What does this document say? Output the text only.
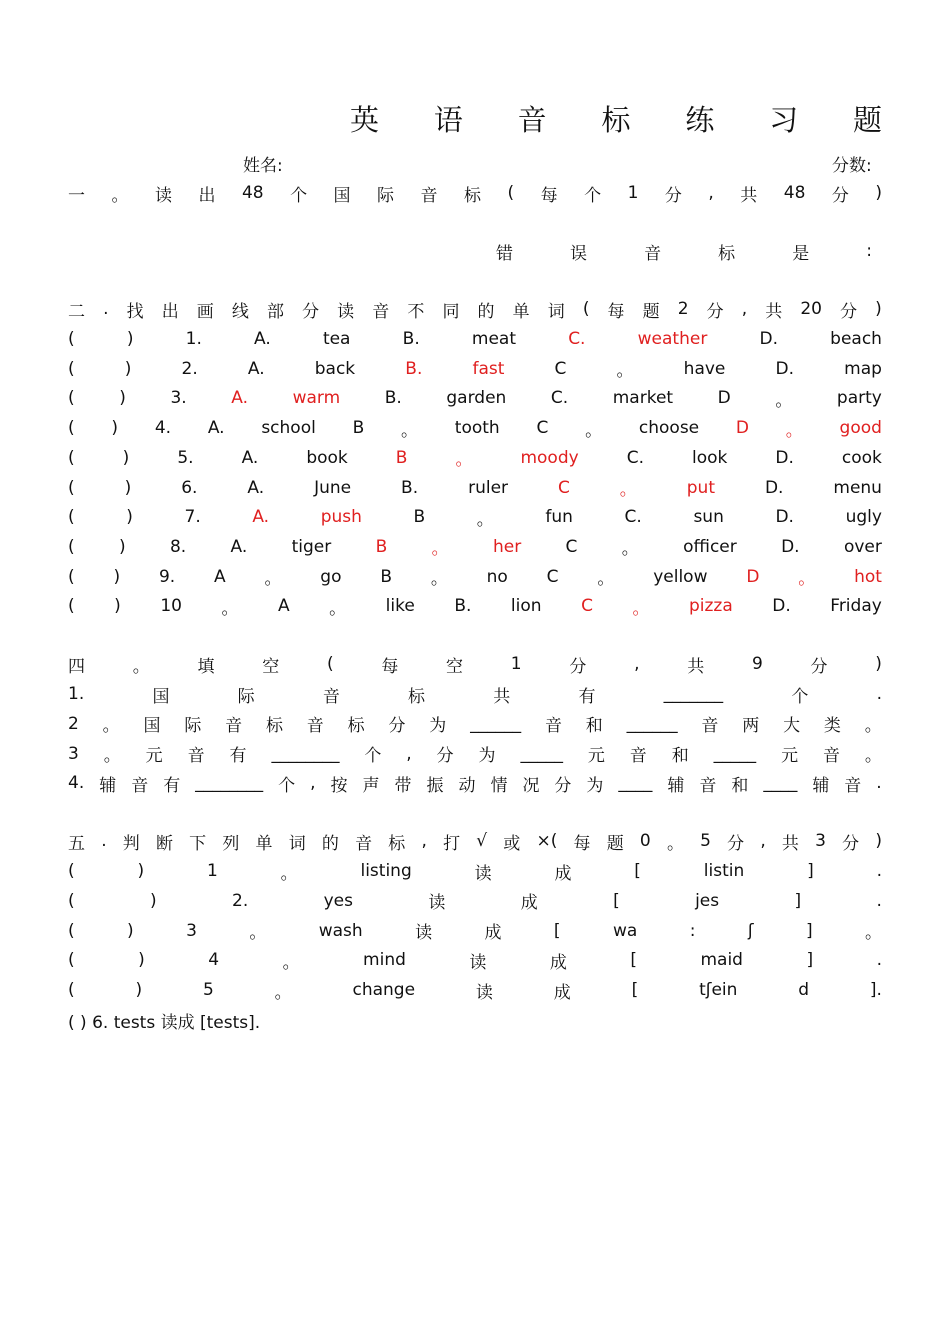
英 语 音 标 练 习 题
姓名:	分数:
一 。 读 出 48 个 国 际 音 标 ( 每 个 1 分 , 共 48 分 )
错	误	音	标	是	:
二 . 找 出 画 线 部 分 读 音 不 同 的 单 词 ( 每 题 2 分 , 共 20 分 )
(	)	1.	A.	tea	B.	meat	C.	weather	D.	beach
(	)	2.	A.	back	B.	fast	C	。	have	D.	map
(	)	3.	A.	warm	B.	garden	C.	market	D	。	party
( ) 4. A. school B 。 tooth C 。 choose D 。 good
(	)	5.	A.	book	B	。	moody	C.	look	D.	cook
(	)	6.	A.	June	B.	ruler	C	。	put	D.	menu
(	)	7.	A.	push	B	。	fun	C.	sun	D.	ugly
(	)	8.	A.	tiger	B	。	her	C	。	officer	D.	over
( ) 9. A 。 go B 。 no C 。 yellow D 。 hot
( ) 10 。 A 。 like B. lion C 。 pizza D. Friday
四	。	填	空	(	每	空	1	分	,	共	9	分	)
1.	国	际	音	标	共	有	_______	个	.
2 。 国 际 音 标 音 标 分 为 ______ 音 和 ______ 音 两 大 类 。
3 。 元 音 有 ________ 个 , 分 为 _____ 元 音 和 _____ 元 音 。
4. 辅 音 有 ________ 个 , 按 声 带 振 动 情 况 分 为 ____ 辅 音 和 ____ 辅 音 .
五 . 判 断 下 列 单 词 的 音 标 , 打 √ 或 ×( 每 题 0 。 5 分 , 共 3 分 )
(	)	1	。	listing	读	成	[	listin	]	.
(	)	2.	yes	读	成	[	jes	]	.
(	)	3	。	wash	读	成	[	wa	:	ʃ	]	。
(	)	4	。	mind	读	成	[	maid	]	.
(	)	5	。	change	读	成	[	tʃein	d	].
( ) 6. tests 读成 [tests].
